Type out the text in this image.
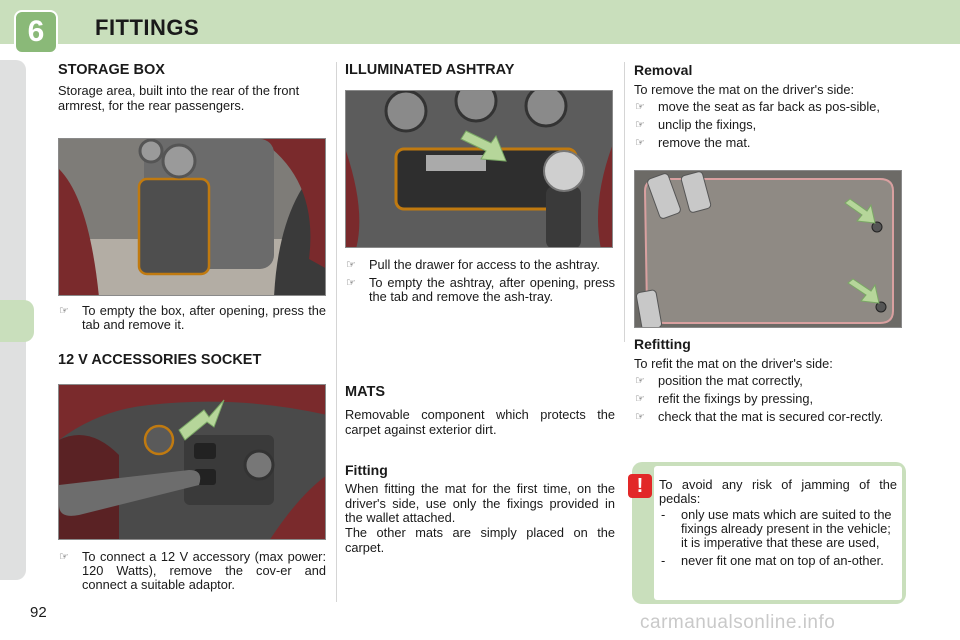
6	FITTINGS
STORAGE BOX
Storage area, built into the rear of the front armrest, for the rear passengers.
☞ To empty the box, after opening, press the tab and remove it.
12 V ACCESSORIES SOCKET
☞ To connect a 12 V accessory (max power: 120 Watts), remove the cov-er and connect a suitable adaptor.
92
ILLUMINATED ASHTRAY
☞ Pull the drawer for access to the ashtray.
☞ To empty the ashtray, after opening, press the tab and remove the ash-tray.
MATS
Removable component which protects the carpet against exterior dirt.
Fitting
When fitting the mat for the first time, on the driver's side, use only the fixings provided in the wallet attached.
The other mats are simply placed on the carpet.
Removal
To remove the mat on the driver's side:
☞ move the seat as far back as pos-sible,
☞ unclip the fixings,
☞ remove the mat.
Refitting
To refit the mat on the driver's side:
☞ position the mat correctly,
☞ refit the fixings by pressing,
☞ check that the mat is secured cor-rectly.
!	To avoid any risk of jamming of the pedals:
- only use mats which are suited to the fixings already present in the vehicle; it is imperative that these are used,
- never fit one mat on top of an-other.
carmanualsonline.info
